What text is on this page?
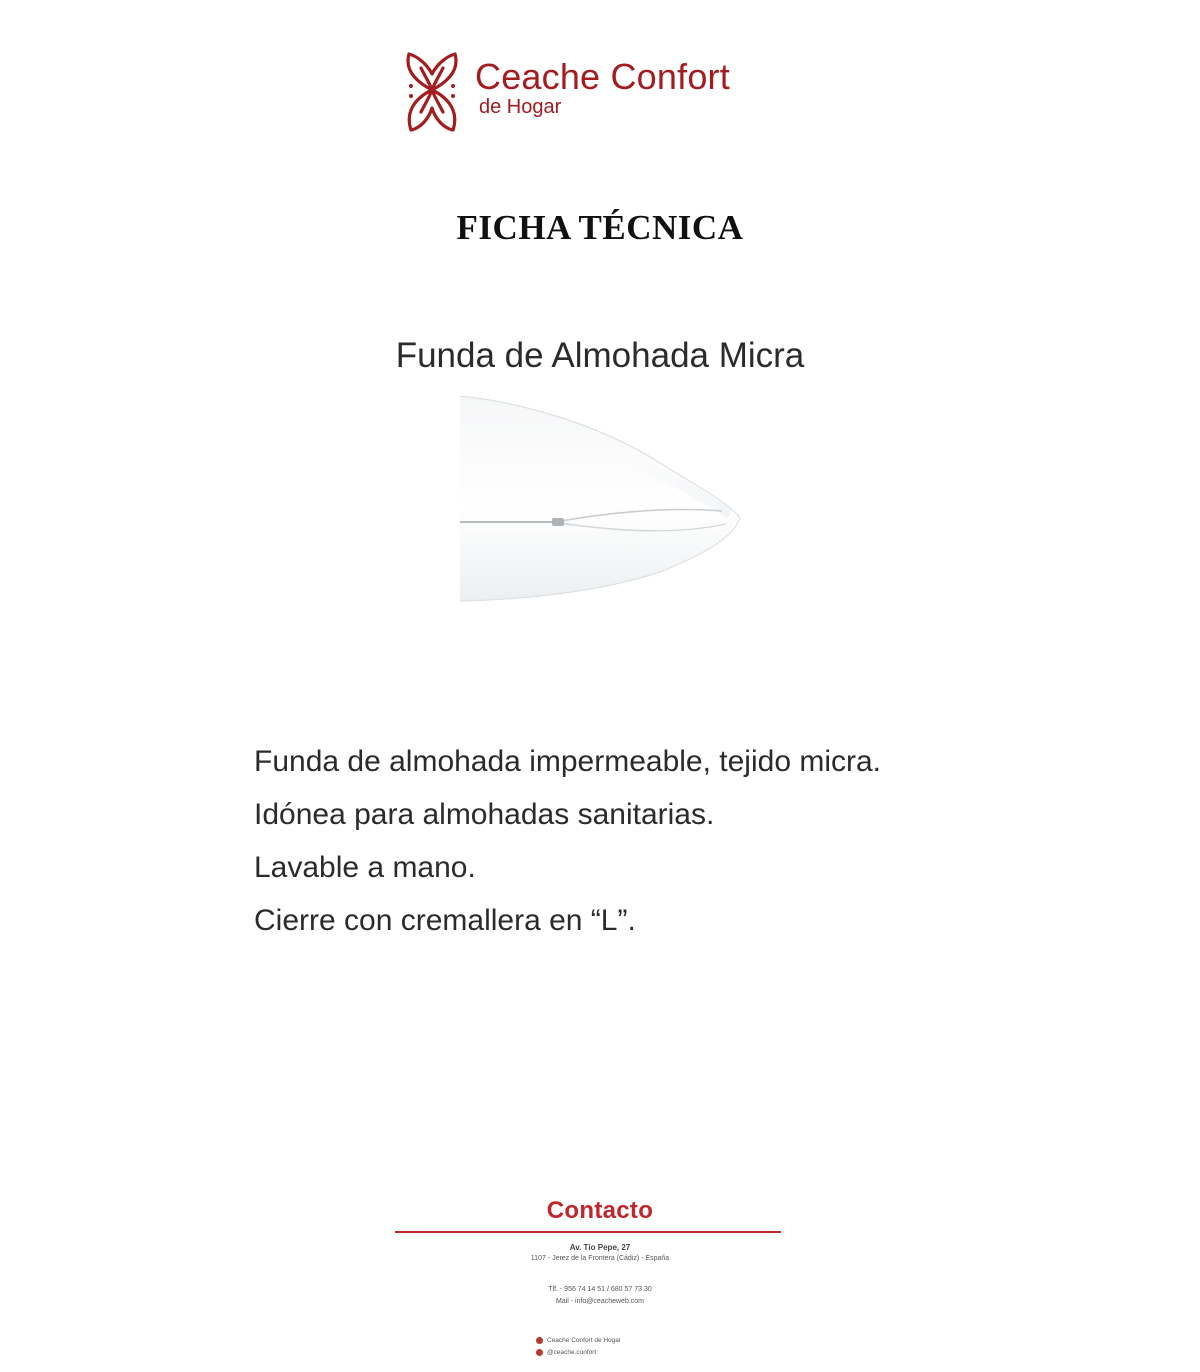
Ceache Confort
de Hogar
FICHA TÉCNICA
Funda de Almohada Micra
Funda de almohada impermeable, tejido micra.
Idónea para almohadas sanitarias.
Lavable a mano.
Cierre con cremallera en “L”.
Contacto
Av. Tío Pepe, 27
1107 - Jerez de la Frontera (Cádiz) - España
Tlf. - 956 74 14 51 / 680 57 73 30
Mail - info@ceacheweb.com
Ceache Confort de Hogar
@ceache.confort
